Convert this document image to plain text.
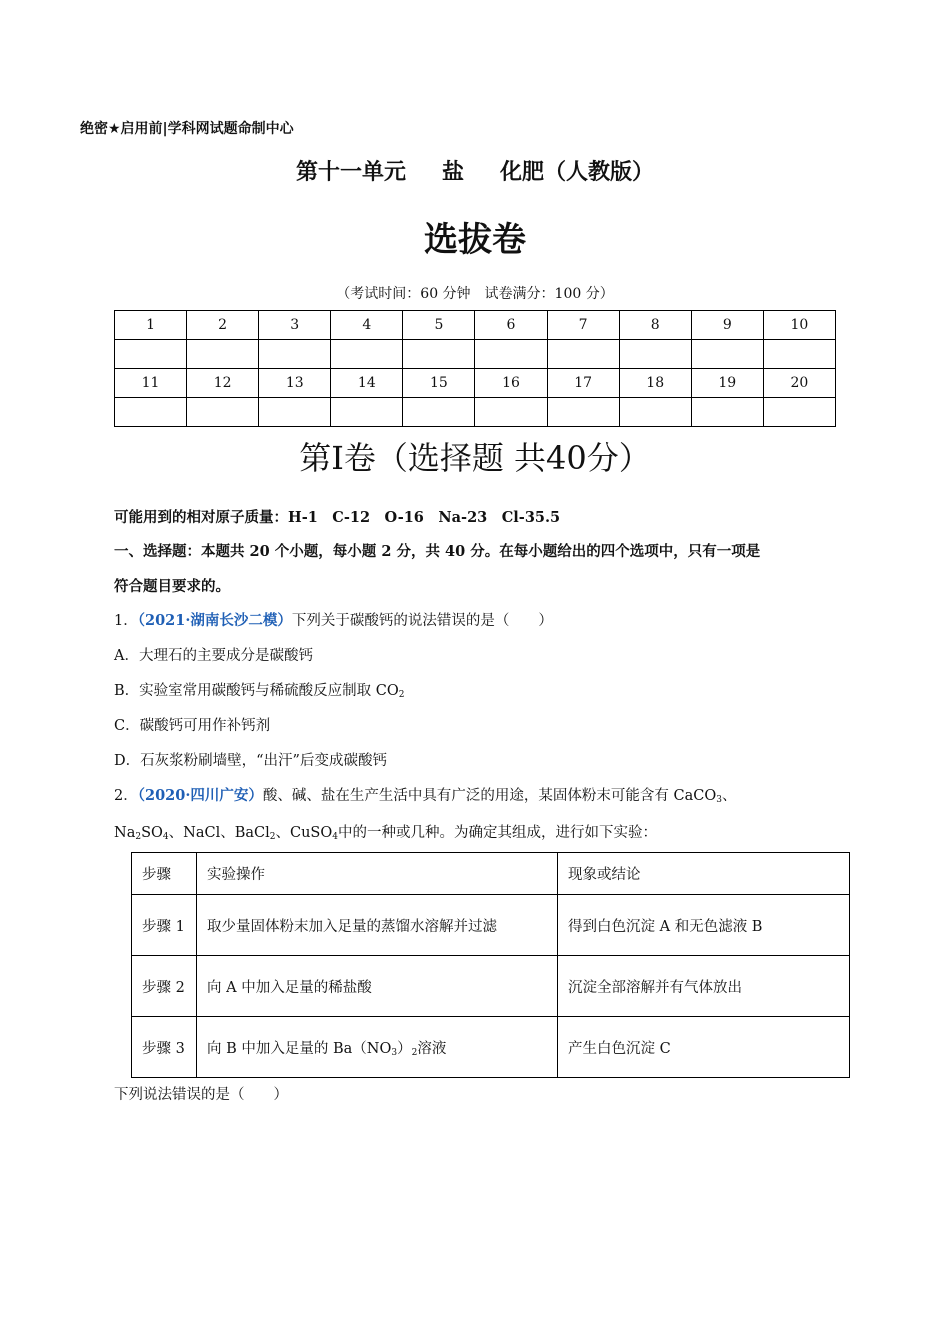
绝密★启用前|学科网试题命制中心
第十一单元 盐 化肥（人教版）
选拔卷
（考试时间：60 分钟　试卷满分：100 分）
1	2	3	4	5	6	7	8	9	10

11	12	13	14	15	16	17	18	19	20

第Ⅰ卷（选择题 共40分）
可能用到的相对原子质量：H-1　C-12　O-16　Na-23　Cl-35.5
一、选择题：本题共 20 个小题，每小题 2 分，共 40 分。在每小题给出的四个选项中，只有一项是
符合题目要求的。
1．（2021·湖南长沙二模）下列关于碳酸钙的说法错误的是（　　）
A．大理石的主要成分是碳酸钙
B．实验室常用碳酸钙与稀硫酸反应制取 $CO_2$
C．碳酸钙可用作补钙剂
D．石灰浆粉刷墙壁，“出汗”后变成碳酸钙
2．（2020·四川广安）酸、碱、盐在生产生活中具有广泛的用途，某固体粉末可能含有 CaCO$_3$、
$Na_2SO_4$、NaCl、BaCl$_2$、CuSO$_4$中的一种或几种。为确定其组成，进行如下实验：
步骤	实验操作	现象或结论
步骤 1	取少量固体粉末加入足量的蒸馏水溶解并过滤	得到白色沉淀 A 和无色滤液 B
步骤 2	向 A 中加入足量的稀盐酸	沉淀全部溶解并有气体放出
步骤 3	向 B 中加入足量的 $Ba(NO_3)_2$溶液	产生白色沉淀 C
下列说法错误的是（　　）
